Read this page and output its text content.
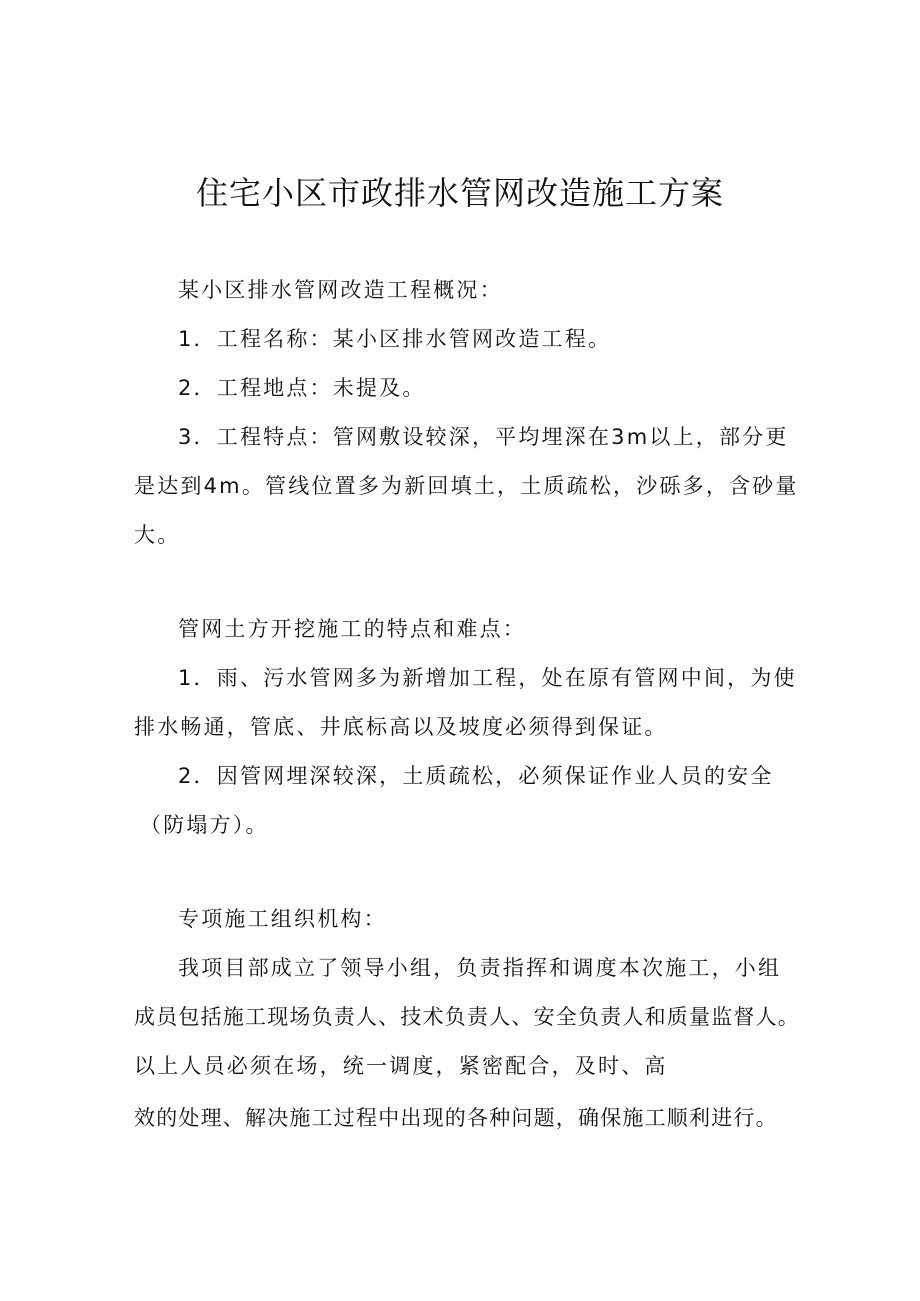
住宅小区市政排水管网改造施工方案
某小区排水管网改造工程概况：
1．工程名称：某小区排水管网改造工程。
2．工程地点：未提及。
3．工程特点：管网敷设较深，平均埋深在3m以上，部分更
是达到4m。管线位置多为新回填土，土质疏松，沙砾多，含砂量
大。
管网土方开挖施工的特点和难点：
1．雨、污水管网多为新增加工程，处在原有管网中间，为使
排水畅通，管底、井底标高以及坡度必须得到保证。
2．因管网埋深较深，土质疏松，必须保证作业人员的安全
（防塌方）。
专项施工组织机构：
我项目部成立了领导小组，负责指挥和调度本次施工，小组
成员包括施工现场负责人、技术负责人、安全负责人和质量监督人。
以上人员必须在场，统一调度，紧密配合，及时、高
效的处理、解决施工过程中出现的各种问题，确保施工顺利进行。
